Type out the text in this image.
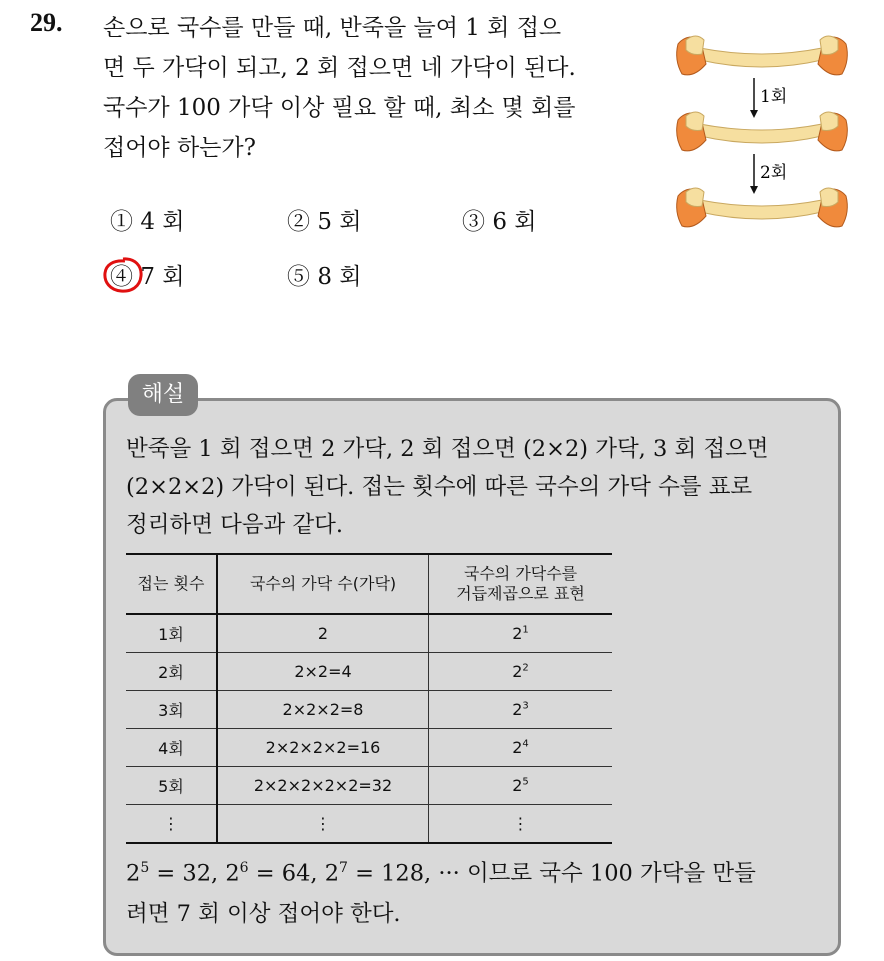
29. 손으로 국수를 만들 때, 반죽을 늘여 1 회 접으
면 두 가닥이 되고, 2 회 접으면 네 가닥이 된다.
국수가 100 가닥 이상 필요 할 때, 최소 몇 회를
접어야 하는가?
1회
2회
① 4 회	② 5 회	③ 6 회
④ 7 회	⑤ 8 회
해설
반죽을 1 회 접으면 2 가닥, 2 회 접으면 (2×2) 가닥, 3 회 접으면
(2×2×2) 가닥이 된다. 접는 횟수에 따른 국수의 가닥 수를 표로
정리하면 다음과 같다.
접는 횟수	국수의 가닥 수(가닥)	국수의 가닥수를
거듭제곱으로 표현

1회	2	$2^1$
2회	2×2=4	$2^2$
3회	2×2×2=8	$2^3$
4회	2×2×2×2=16	$2^4$
5회	2×2×2×2×2=32	$2^5$
⋮	⋮	⋮
$2^5 = 32$, $2^6 = 64$, $2^7 = 128$, ··· 이므로 국수 100 가닥을 만들
려면 7 회 이상 접어야 한다.
